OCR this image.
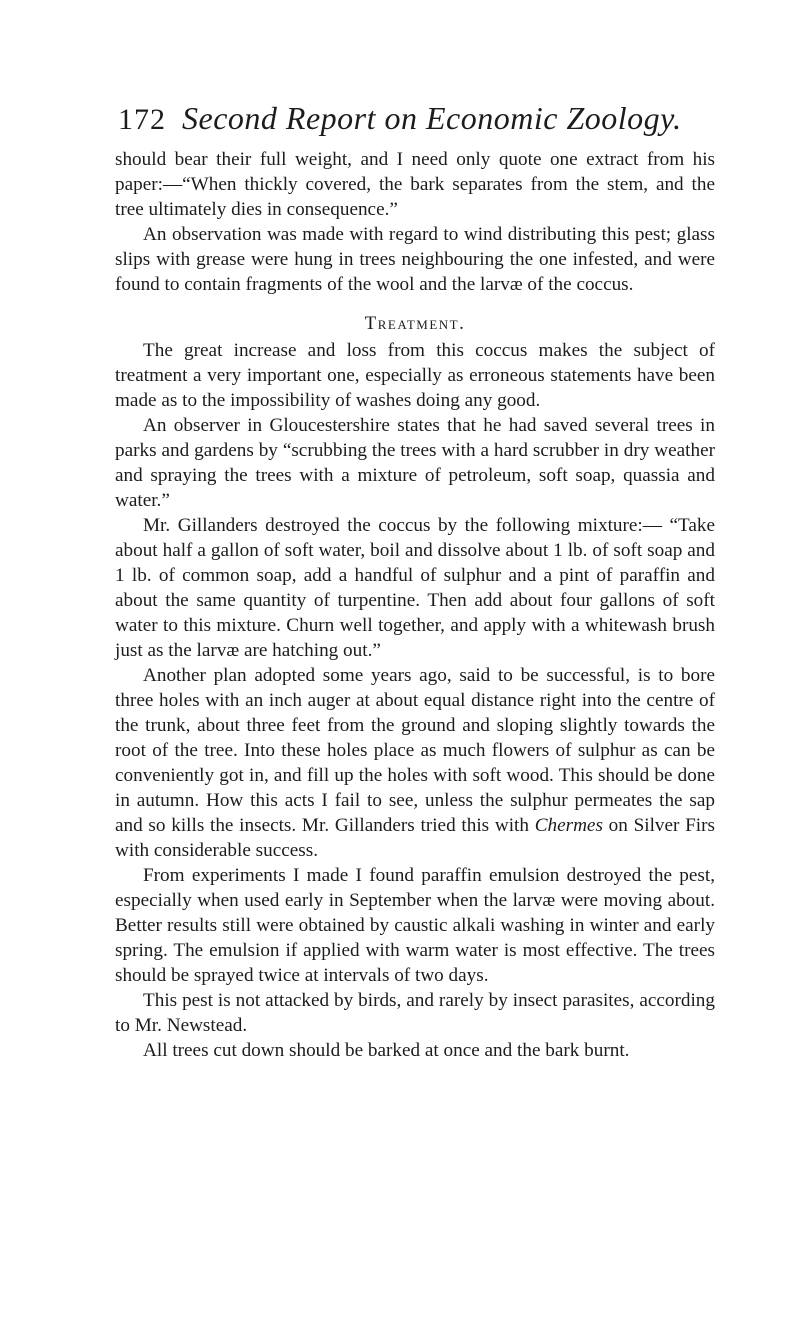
172 Second Report on Economic Zoology.

should bear their full weight, and I need only quote one extract from his paper:—“When thickly covered, the bark separates from the stem, and the tree ultimately dies in consequence.”

An observation was made with regard to wind distributing this pest; glass slips with grease were hung in trees neighbouring the one infested, and were found to contain fragments of the wool and the larvæ of the coccus.

Treatment.

The great increase and loss from this coccus makes the subject of treatment a very important one, especially as erroneous statements have been made as to the impossibility of washes doing any good.

An observer in Gloucestershire states that he had saved several trees in parks and gardens by “scrubbing the trees with a hard scrubber in dry weather and spraying the trees with a mixture of petroleum, soft soap, quassia and water.”

Mr. Gillanders destroyed the coccus by the following mixture:— “Take about half a gallon of soft water, boil and dissolve about 1 lb. of soft soap and 1 lb. of common soap, add a handful of sulphur and a pint of paraffin and about the same quantity of turpentine. Then add about four gallons of soft water to this mixture. Churn well together, and apply with a whitewash brush just as the larvæ are hatching out.”

Another plan adopted some years ago, said to be successful, is to bore three holes with an inch auger at about equal distance right into the centre of the trunk, about three feet from the ground and sloping slightly towards the root of the tree. Into these holes place as much flowers of sulphur as can be conveniently got in, and fill up the holes with soft wood. This should be done in autumn. How this acts I fail to see, unless the sulphur permeates the sap and so kills the insects. Mr. Gillanders tried this with Chermes on Silver Firs with considerable success.

From experiments I made I found paraffin emulsion destroyed the pest, especially when used early in September when the larvæ were moving about. Better results still were obtained by caustic alkali washing in winter and early spring. The emulsion if applied with warm water is most effective. The trees should be sprayed twice at intervals of two days.

This pest is not attacked by birds, and rarely by insect parasites, according to Mr. Newstead.

All trees cut down should be barked at once and the bark burnt.
